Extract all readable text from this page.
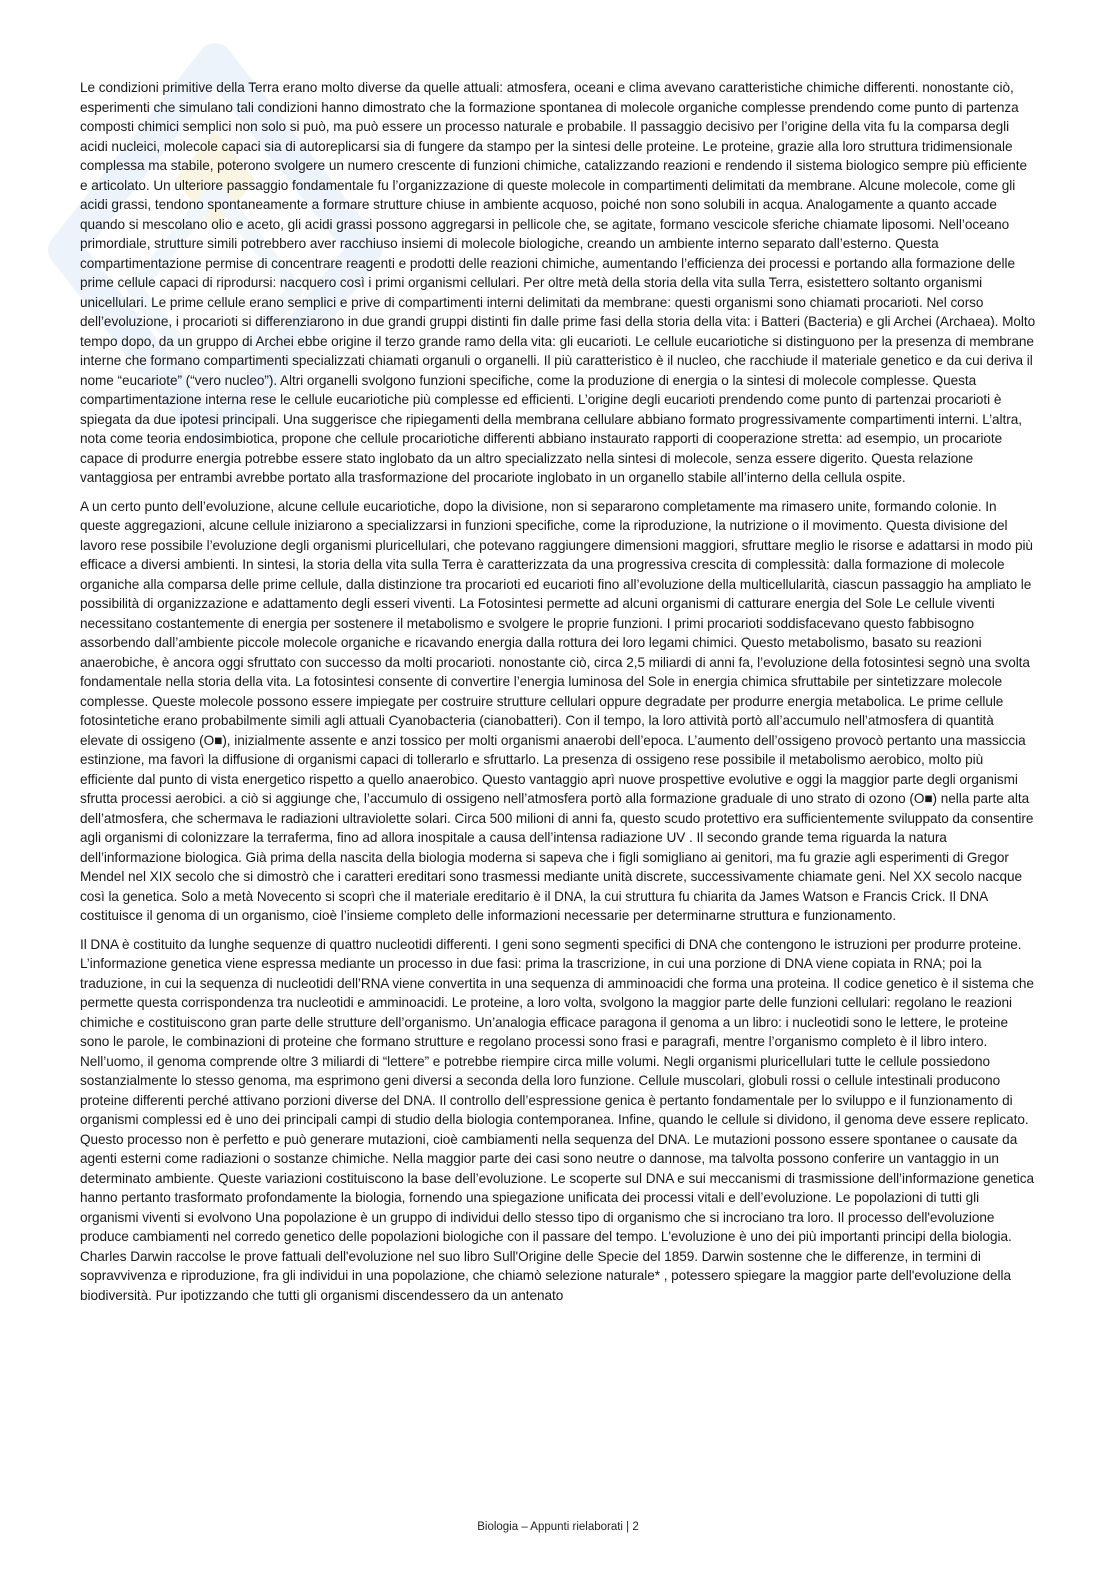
Le condizioni primitive della Terra erano molto diverse da quelle attuali: atmosfera, oceani e clima avevano caratteristiche chimiche differenti. nonostante ciò, esperimenti che simulano tali condizioni hanno dimostrato che la formazione spontanea di molecole organiche complesse prendendo come punto di partenza composti chimici semplici non solo si può, ma può essere un processo naturale e probabile. Il passaggio decisivo per l’origine della vita fu la comparsa degli acidi nucleici, molecole capaci sia di autoreplicarsi sia di fungere da stampo per la sintesi delle proteine. Le proteine, grazie alla loro struttura tridimensionale complessa ma stabile, poterono svolgere un numero crescente di funzioni chimiche, catalizzando reazioni e rendendo il sistema biologico sempre più efficiente e articolato. Un ulteriore passaggio fondamentale fu l’organizzazione di queste molecole in compartimenti delimitati da membrane. Alcune molecole, come gli acidi grassi, tendono spontaneamente a formare strutture chiuse in ambiente acquoso, poiché non sono solubili in acqua. Analogamente a quanto accade quando si mescolano olio e aceto, gli acidi grassi possono aggregarsi in pellicole che, se agitate, formano vescicole sferiche chiamate liposomi. Nell’oceano primordiale, strutture simili potrebbero aver racchiuso insiemi di molecole biologiche, creando un ambiente interno separato dall’esterno. Questa compartimentazione permise di concentrare reagenti e prodotti delle reazioni chimiche, aumentando l’efficienza dei processi e portando alla formazione delle prime cellule capaci di riprodursi: nacquero così i primi organismi cellulari. Per oltre metà della storia della vita sulla Terra, esistettero soltanto organismi unicellulari. Le prime cellule erano semplici e prive di compartimenti interni delimitati da membrane: questi organismi sono chiamati procarioti. Nel corso dell’evoluzione, i procarioti si differenziarono in due grandi gruppi distinti fin dalle prime fasi della storia della vita: i Batteri (Bacteria) e gli Archei (Archaea). Molto tempo dopo, da un gruppo di Archei ebbe origine il terzo grande ramo della vita: gli eucarioti. Le cellule eucariotiche si distinguono per la presenza di membrane interne che formano compartimenti specializzati chiamati organuli o organelli. Il più caratteristico è il nucleo, che racchiude il materiale genetico e da cui deriva il nome “eucariote” (“vero nucleo”). Altri organelli svolgono funzioni specifiche, come la produzione di energia o la sintesi di molecole complesse. Questa compartimentazione interna rese le cellule eucariotiche più complesse ed efficienti. L’origine degli eucarioti prendendo come punto di partenzai procarioti è spiegata da due ipotesi principali. Una suggerisce che ripiegamenti della membrana cellulare abbiano formato progressivamente compartimenti interni. L’altra, nota come teoria endosimbiotica, propone che cellule procariotiche differenti abbiano instaurato rapporti di cooperazione stretta: ad esempio, un procariote capace di produrre energia potrebbe essere stato inglobato da un altro specializzato nella sintesi di molecole, senza essere digerito. Questa relazione vantaggiosa per entrambi avrebbe portato alla trasformazione del procariote inglobato in un organello stabile all’interno della cellula ospite.

A un certo punto dell’evoluzione, alcune cellule eucariotiche, dopo la divisione, non si separarono completamente ma rimasero unite, formando colonie. In queste aggregazioni, alcune cellule iniziarono a specializzarsi in funzioni specifiche, come la riproduzione, la nutrizione o il movimento. Questa divisione del lavoro rese possibile l’evoluzione degli organismi pluricellulari, che potevano raggiungere dimensioni maggiori, sfruttare meglio le risorse e adattarsi in modo più efficace a diversi ambienti. In sintesi, la storia della vita sulla Terra è caratterizzata da una progressiva crescita di complessità: dalla formazione di molecole organiche alla comparsa delle prime cellule, dalla distinzione tra procarioti ed eucarioti fino all’evoluzione della multicellularità, ciascun passaggio ha ampliato le possibilità di organizzazione e adattamento degli esseri viventi. La Fotosintesi permette ad alcuni organismi di catturare energia del Sole Le cellule viventi necessitano costantemente di energia per sostenere il metabolismo e svolgere le proprie funzioni. I primi procarioti soddisfacevano questo fabbisogno assorbendo dall’ambiente piccole molecole organiche e ricavando energia dalla rottura dei loro legami chimici. Questo metabolismo, basato su reazioni anaerobiche, è ancora oggi sfruttato con successo da molti procarioti. nonostante ciò, circa 2,5 miliardi di anni fa, l’evoluzione della fotosintesi segnò una svolta fondamentale nella storia della vita. La fotosintesi consente di convertire l’energia luminosa del Sole in energia chimica sfruttabile per sintetizzare molecole complesse. Queste molecole possono essere impiegate per costruire strutture cellulari oppure degradate per produrre energia metabolica. Le prime cellule fotosintetiche erano probabilmente simili agli attuali Cyanobacteria (cianobatteri). Con il tempo, la loro attività portò all’accumulo nell’atmosfera di quantità elevate di ossigeno (O■), inizialmente assente e anzi tossico per molti organismi anaerobi dell’epoca. L’aumento dell’ossigeno provocò pertanto una massiccia estinzione, ma favorì la diffusione di organismi capaci di tollerarlo e sfruttarlo. La presenza di ossigeno rese possibile il metabolismo aerobico, molto più efficiente dal punto di vista energetico rispetto a quello anaerobico. Questo vantaggio aprì nuove prospettive evolutive e oggi la maggior parte degli organismi sfrutta processi aerobici. a ciò si aggiunge che, l’accumulo di ossigeno nell’atmosfera portò alla formazione graduale di uno strato di ozono (O■) nella parte alta dell’atmosfera, che schermava le radiazioni ultraviolette solari. Circa 500 milioni di anni fa, questo scudo protettivo era sufficientemente sviluppato da consentire agli organismi di colonizzare la terraferma, fino ad allora inospitale a causa dell’intensa radiazione UV . Il secondo grande tema riguarda la natura dell’informazione biologica. Già prima della nascita della biologia moderna si sapeva che i figli somigliano ai genitori, ma fu grazie agli esperimenti di Gregor Mendel nel XIX secolo che si dimostrò che i caratteri ereditari sono trasmessi mediante unità discrete, successivamente chiamate geni. Nel XX secolo nacque così la genetica. Solo a metà Novecento si scoprì che il materiale ereditario è il DNA, la cui struttura fu chiarita da James Watson e Francis Crick. Il DNA costituisce il genoma di un organismo, cioè l’insieme completo delle informazioni necessarie per determinarne struttura e funzionamento.

Il DNA è costituito da lunghe sequenze di quattro nucleotidi differenti. I geni sono segmenti specifici di DNA che contengono le istruzioni per produrre proteine. L’informazione genetica viene espressa mediante un processo in due fasi: prima la trascrizione, in cui una porzione di DNA viene copiata in RNA; poi la traduzione, in cui la sequenza di nucleotidi dell’RNA viene convertita in una sequenza di amminoacidi che forma una proteina. Il codice genetico è il sistema che permette questa corrispondenza tra nucleotidi e amminoacidi. Le proteine, a loro volta, svolgono la maggior parte delle funzioni cellulari: regolano le reazioni chimiche e costituiscono gran parte delle strutture dell’organismo. Un’analogia efficace paragona il genoma a un libro: i nucleotidi sono le lettere, le proteine sono le parole, le combinazioni di proteine che formano strutture e regolano processi sono frasi e paragrafi, mentre l’organismo completo è il libro intero. Nell’uomo, il genoma comprende oltre 3 miliardi di “lettere” e potrebbe riempire circa mille volumi. Negli organismi pluricellulari tutte le cellule possiedono sostanzialmente lo stesso genoma, ma esprimono geni diversi a seconda della loro funzione. Cellule muscolari, globuli rossi o cellule intestinali producono proteine differenti perché attivano porzioni diverse del DNA. Il controllo dell’espressione genica è pertanto fondamentale per lo sviluppo e il funzionamento di organismi complessi ed è uno dei principali campi di studio della biologia contemporanea. Infine, quando le cellule si dividono, il genoma deve essere replicato. Questo processo non è perfetto e può generare mutazioni, cioè cambiamenti nella sequenza del DNA. Le mutazioni possono essere spontanee o causate da agenti esterni come radiazioni o sostanze chimiche. Nella maggior parte dei casi sono neutre o dannose, ma talvolta possono conferire un vantaggio in un determinato ambiente. Queste variazioni costituiscono la base dell’evoluzione. Le scoperte sul DNA e sui meccanismi di trasmissione dell’informazione genetica hanno pertanto trasformato profondamente la biologia, fornendo una spiegazione unificata dei processi vitali e dell’evoluzione. Le popolazioni di tutti gli organismi viventi si evolvono Una popolazione è un gruppo di individui dello stesso tipo di organismo che si incrociano tra loro. Il processo dell'evoluzione produce cambiamenti nel corredo genetico delle popolazioni biologiche con il passare del tempo. L'evoluzione è uno dei più importanti principi della biologia. Charles Darwin raccolse le prove fattuali dell'evoluzione nel suo libro Sull'Origine delle Specie del 1859. Darwin sostenne che le differenze, in termini di sopravvivenza e riproduzione, fra gli individui in una popolazione, che chiamò selezione naturale* , potessero spiegare la maggior parte dell'evoluzione della biodiversità. Pur ipotizzando che tutti gli organismi discendessero da un antenato

Biologia – Appunti rielaborati | 2
